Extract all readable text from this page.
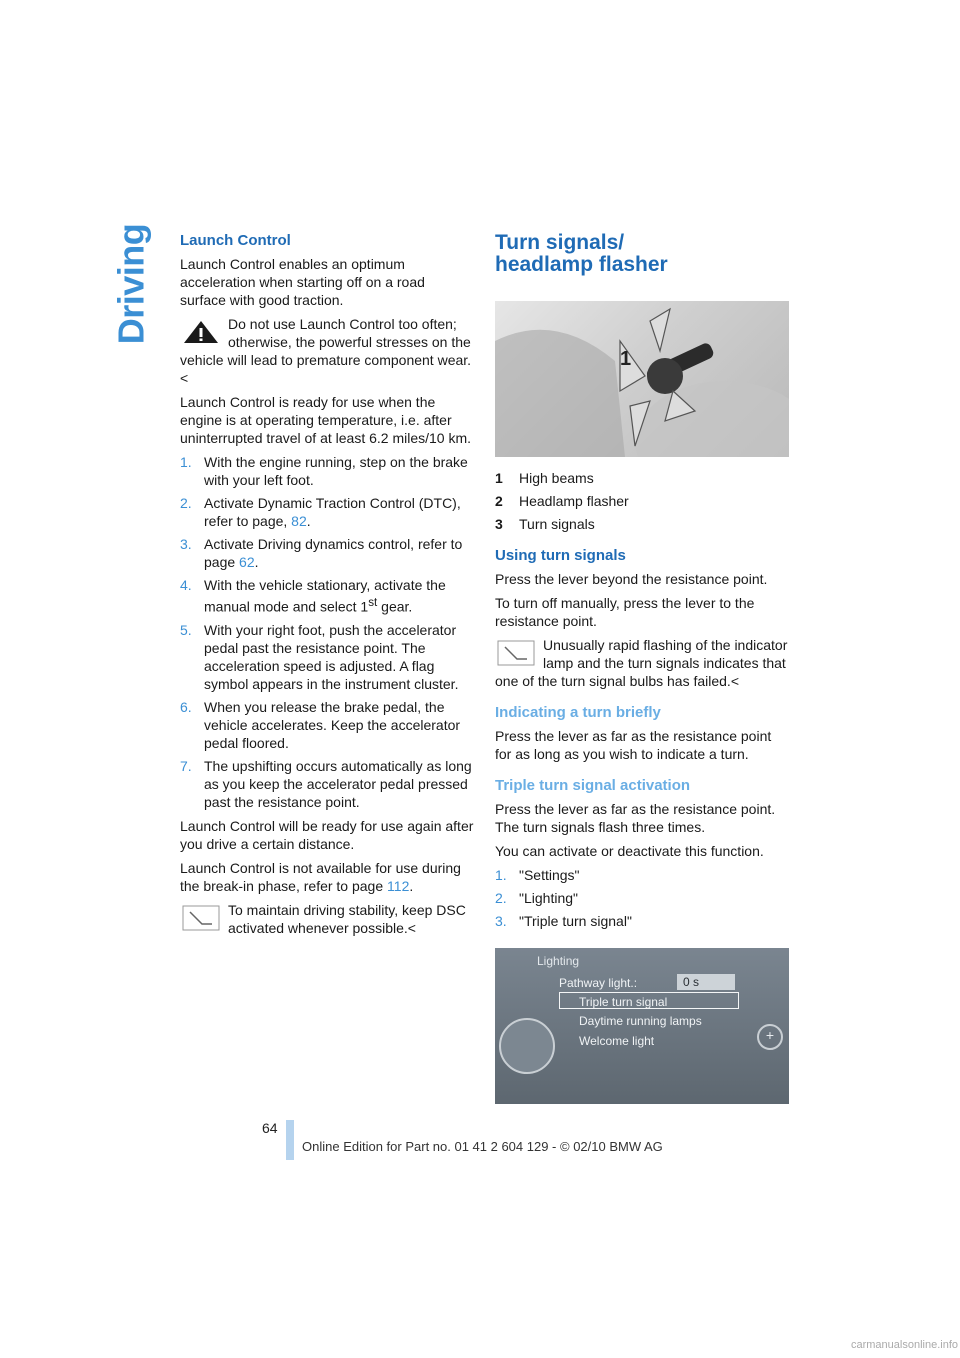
Driving Launch Control

Launch Control enables an optimum acceleration when starting off on a road surface with good traction.

Do not use Launch Control too often; otherwise, the powerful stresses on the vehicle will lead to premature component wear.<

Launch Control is ready for use when the engine is at operating temperature, i.e. after uninterrupted travel of at least 6.2 miles/10 km.

1. With the engine running, step on the brake with your left foot.
2. Activate Dynamic Traction Control (DTC), refer to page, 82.
3. Activate Driving dynamics control, refer to page 62.
4. With the vehicle stationary, activate the manual mode and select 1st gear.
5. With your right foot, push the accelerator pedal past the resistance point. The acceleration speed is adjusted. A flag symbol appears in the instrument cluster.
6. When you release the brake pedal, the vehicle accelerates. Keep the accelerator pedal floored.
7. The upshifting occurs automatically as long as you keep the accelerator pedal pressed past the resistance point.

Launch Control will be ready for use again after you drive a certain distance.

Launch Control is not available for use during the break-in phase, refer to page 112.

To maintain driving stability, keep DSC activated whenever possible.<
Turn signals/
headlamp flasher
1
1	High beams
2	Headlamp flasher
3	Turn signals
Using turn signals

Press the lever beyond the resistance point.

To turn off manually, press the lever to the resistance point.

Unusually rapid flashing of the indicator lamp and the turn signals indicates that one of the turn signal bulbs has failed.<
Indicating a turn briefly

Press the lever as far as the resistance point for as long as you wish to indicate a turn.

Triple turn signal activation

Press the lever as far as the resistance point. The turn signals flash three times.

You can activate or deactivate this function.

1. "Settings"
2. "Lighting"
3. "Triple turn signal"
Lighting
Pathway light.:	0 s
Triple turn signal
Daytime running lamps
Welcome light	+
64
Online Edition for Part no. 01 41 2 604 129 - © 02/10 BMW AG
carmanualsonline.info
